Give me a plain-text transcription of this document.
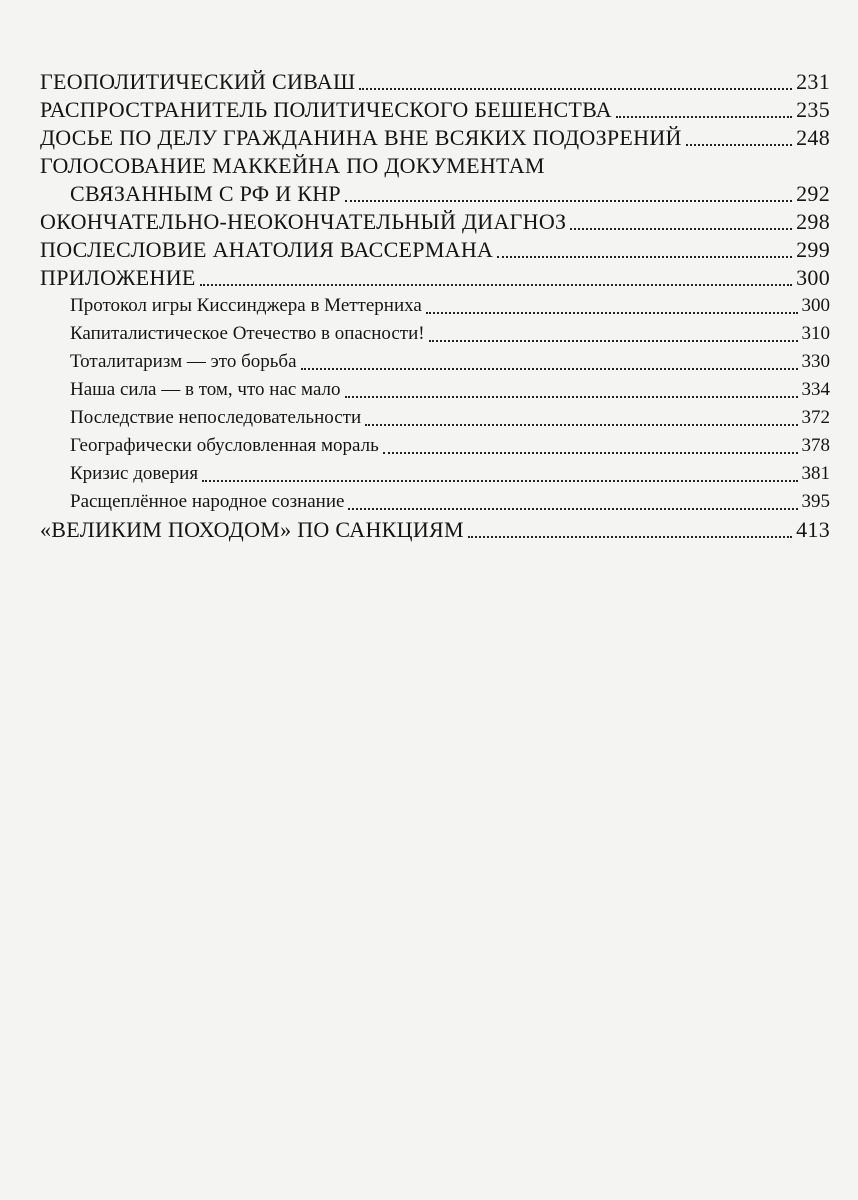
ГЕОПОЛИТИЧЕСКИЙ СИВАШ	231
РАСПРОСТРАНИТЕЛЬ ПОЛИТИЧЕСКОГО БЕШЕНСТВА	235
ДОСЬЕ ПО ДЕЛУ ГРАЖДАНИНА ВНЕ ВСЯКИХ ПОДОЗРЕНИЙ	248
ГОЛОСОВАНИЕ МАККЕЙНА ПО ДОКУМЕНТАМ
СВЯЗАННЫМ С РФ И КНР	292
ОКОНЧАТЕЛЬНО-НЕОКОНЧАТЕЛЬНЫЙ ДИАГНОЗ	298
ПОСЛЕСЛОВИЕ АНАТОЛИЯ ВАССЕРМАНА	299
ПРИЛОЖЕНИЕ	300
Протокол игры Киссинджера в Меттерниха	300
Капиталистическое Отечество в опасности!	310
Тоталитаризм — это борьба	330
Наша сила — в том, что нас мало	334
Последствие непоследовательности	372
Географически обусловленная мораль	378
Кризис доверия	381
Расщеплённое народное сознание	395
«ВЕЛИКИМ ПОХОДОМ» ПО САНКЦИЯМ	413
